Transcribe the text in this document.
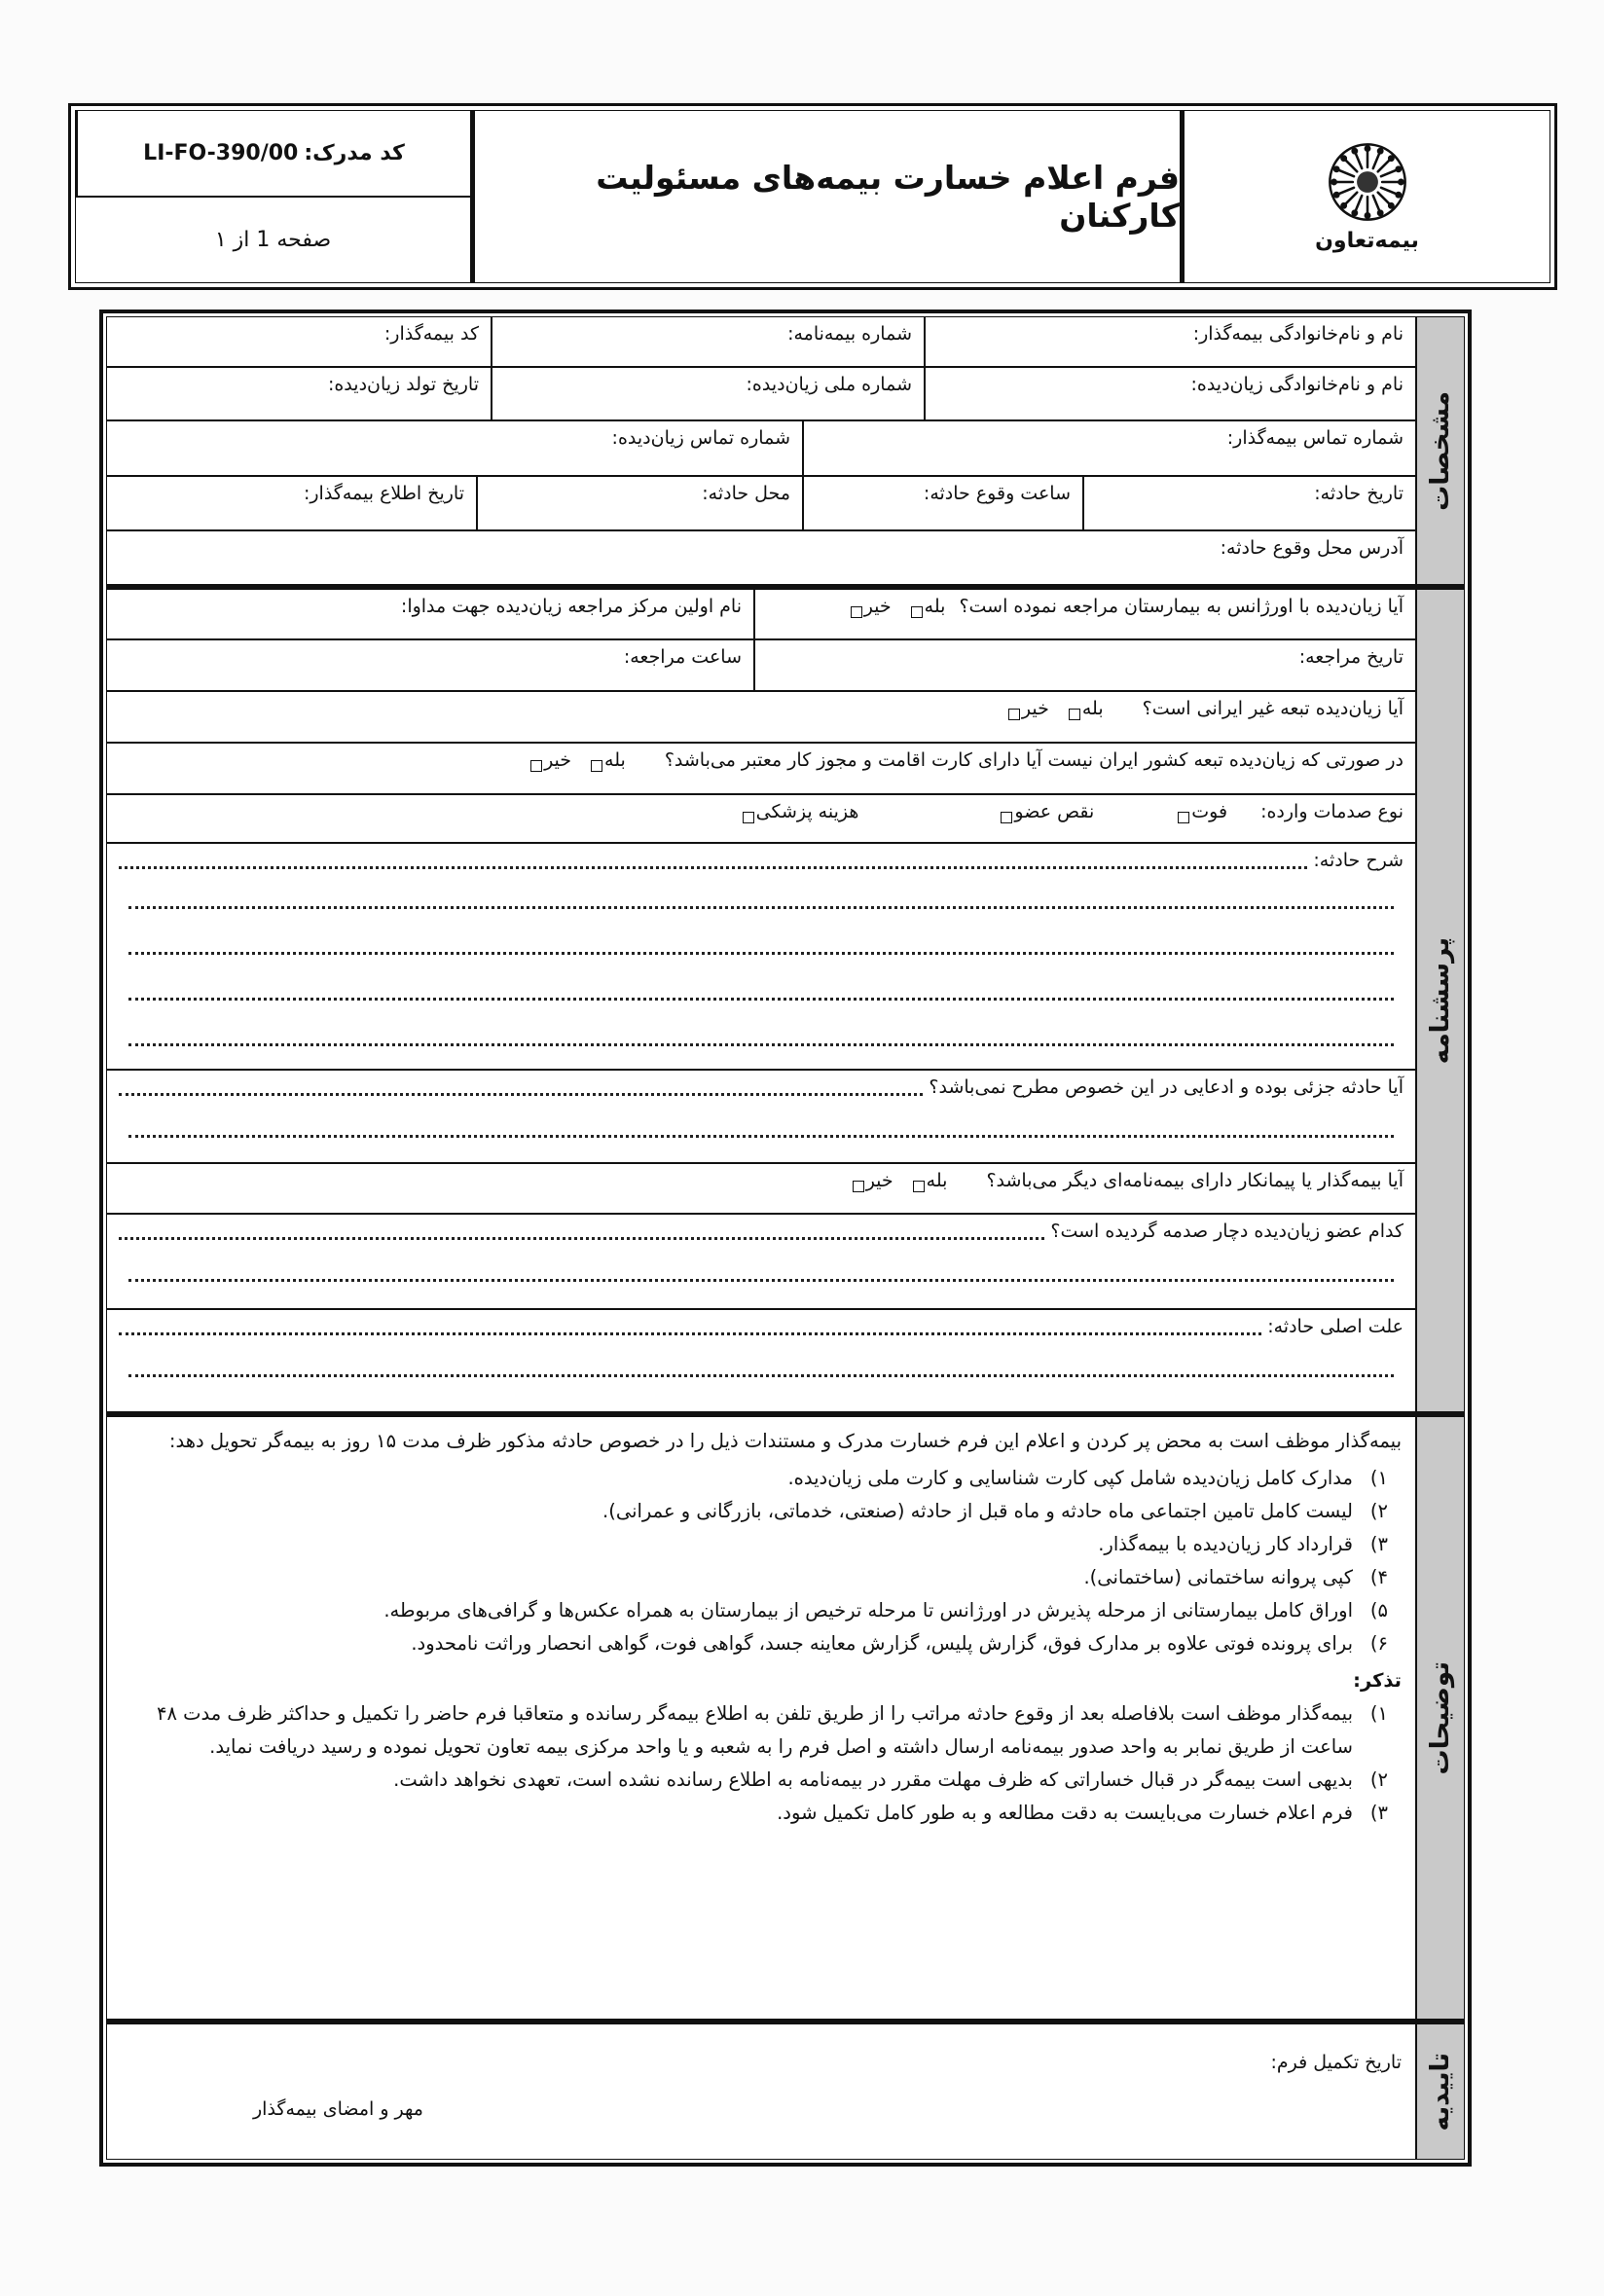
بیمه‌تعاون
فرم اعلام خسارت بیمه‌های مسئولیت کارکنان
کد مدرک:
LI-FO-390/00
صفحه 1 از ۱
مشخصات
نام و نام‌خانوادگی بیمه‌گذار:
شماره بیمه‌نامه:
کد بیمه‌گذار:
نام و نام‌خانوادگی زیان‌دیده:
شماره ملی زیان‌دیده:
تاریخ تولد زیان‌دیده:
شماره تماس بیمه‌گذار:
شماره تماس زیان‌دیده:
تاریخ حادثه:
ساعت وقوع حادثه:
محل حادثه:
تاریخ اطلاع بیمه‌گذار:
آدرس محل وقوع حادثه:
پرسشنامه
آیا زیان‌دیده با اورژانس به بیمارستان مراجعه نموده است؟
بله
خیر
نام اولین مرکز مراجعه زیان‌دیده جهت مداوا:
تاریخ مراجعه:
ساعت مراجعه:
آیا زیان‌دیده تبعه غیر ایرانی است؟
بله
خیر
در صورتی که زیان‌دیده تبعه کشور ایران نیست آیا دارای کارت اقامت و مجوز کار معتبر می‌باشد؟
بله
خیر
نوع صدمات وارده:
فوت
نقص عضو
هزینه پزشکی
شرح حادثه:
آیا حادثه جزئی بوده و ادعایی در این خصوص مطرح نمی‌باشد؟
آیا بیمه‌گذار یا پیمانکار دارای بیمه‌نامه‌ای دیگر می‌باشد؟
بله
خیر
کدام عضو زیان‌دیده دچار صدمه گردیده است؟
علت اصلی حادثه:
توضیحات

بیمه‌گذار موظف است به محض پر کردن و اعلام این فرم خسارت مدرک و مستندات ذیل را در خصوص حادثه مذکور ظرف مدت ۱۵ روز به بیمه‌گر تحویل دهد:

۱)
مدارک کامل زیان‌دیده شامل کپی کارت شناسایی و کارت ملی زیان‌دیده.
۲)
لیست کامل تامین اجتماعی ماه حادثه و ماه قبل از حادثه (صنعتی، خدماتی، بازرگانی و عمرانی).
۳)
قرارداد کار زیان‌دیده با بیمه‌گذار.
۴)
کپی پروانه ساختمانی (ساختمانی).
۵)
اوراق کامل بیمارستانی از مرحله پذیرش در اورژانس تا مرحله ترخیص از بیمارستان به همراه عکس‌ها و گرافی‌های مربوطه.
۶)
برای پرونده فوتی علاوه بر مدارک فوق، گزارش پلیس، گزارش معاینه جسد، گواهی فوت، گواهی انحصار وراثت نامحدود.

تذکر:

۱)
بیمه‌گذار موظف است بلافاصله بعد از وقوع حادثه مراتب را از طریق تلفن به اطلاع بیمه‌گر رسانده و متعاقبا فرم حاضر را تکمیل و حداکثر ظرف مدت ۴۸ ساعت از طریق نمابر به واحد صدور بیمه‌نامه ارسال داشته و اصل فرم را به شعبه و یا واحد مرکزی بیمه تعاون تحویل نموده و رسید دریافت نماید.
۲)
بدیهی است بیمه‌گر در قبال خساراتی که ظرف مهلت مقرر در بیمه‌نامه به اطلاع رسانده نشده است، تعهدی نخواهد داشت.
۳)
فرم اعلام خسارت می‌بایست به دقت مطالعه و به طور کامل تکمیل شود.
تاییدیه
تاریخ تکمیل فرم:
مهر و امضای بیمه‌گذار
